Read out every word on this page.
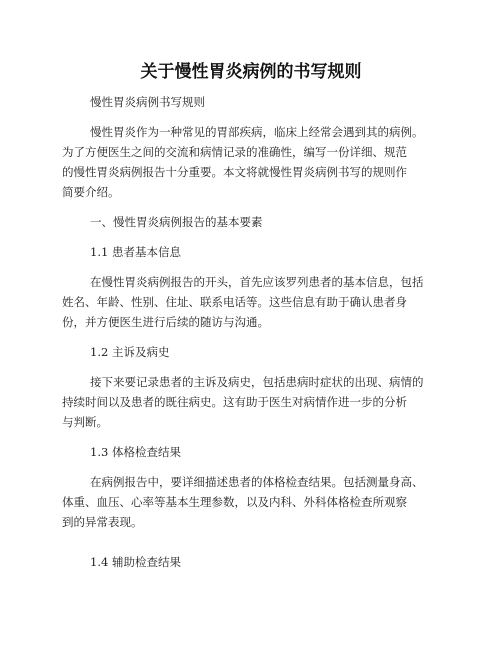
关于慢性胃炎病例的书写规则
慢性胃炎病例书写规则
慢性胃炎作为一种常见的胃部疾病，临床上经常会遇到其的病例。
为了方便医生之间的交流和病情记录的准确性，编写一份详细、规范
的慢性胃炎病例报告十分重要。本文将就慢性胃炎病例书写的规则作
简要介绍。
一、慢性胃炎病例报告的基本要素
1.1 患者基本信息
在慢性胃炎病例报告的开头，首先应该罗列患者的基本信息，包括
姓名、年龄、性别、住址、联系电话等。这些信息有助于确认患者身
份，并方便医生进行后续的随访与沟通。
1.2 主诉及病史
接下来要记录患者的主诉及病史，包括患病时症状的出现、病情的
持续时间以及患者的既往病史。这有助于医生对病情作进一步的分析
与判断。
1.3 体格检查结果
在病例报告中，要详细描述患者的体格检查结果。包括测量身高、
体重、血压、心率等基本生理参数，以及内科、外科体格检查所观察
到的异常表现。
1.4 辅助检查结果
